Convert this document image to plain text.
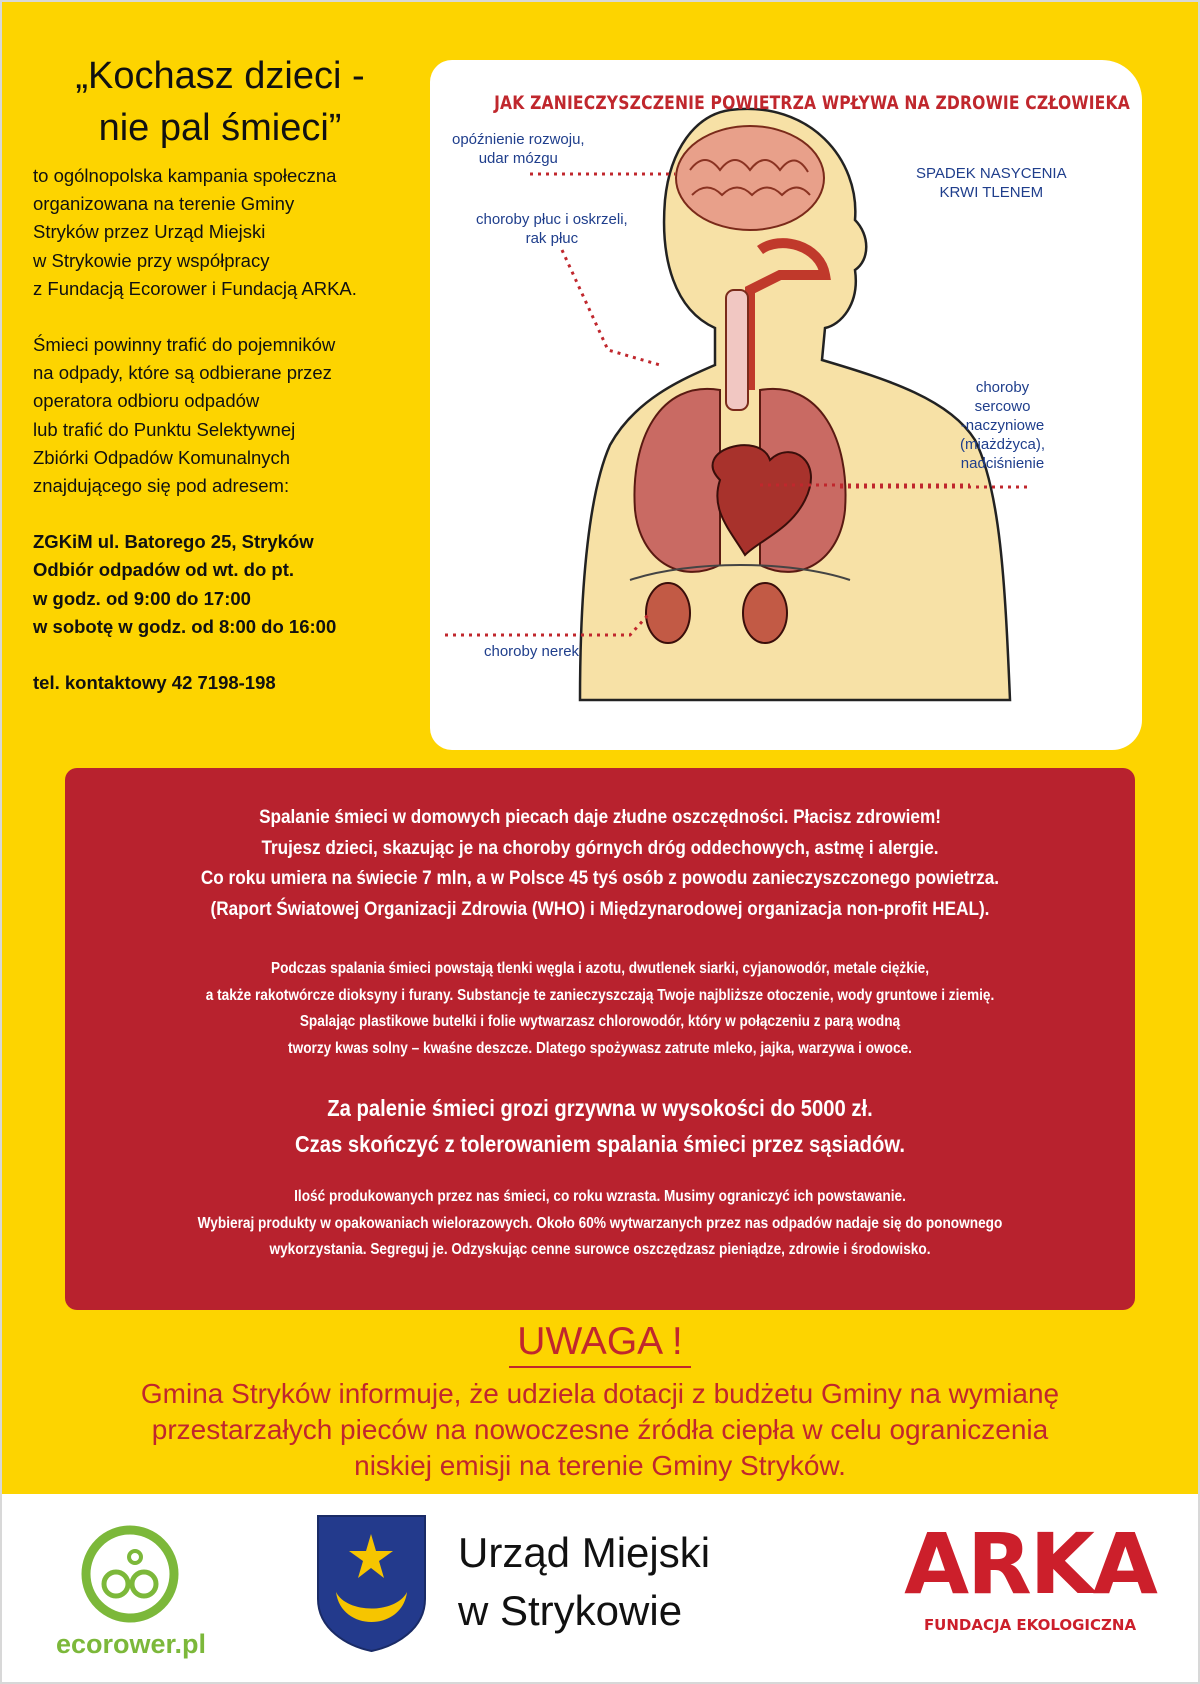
„Kochasz dzieci -
nie pal śmieci”

to ogólnopolska kampania społeczna
organizowana na terenie Gminy
Stryków przez Urząd Miejski
w Strykowie przy współpracy
z Fundacją Ecorower i Fundacją ARKA.

Śmieci powinny trafić do pojemników
na odpady, które są odbierane przez
operatora odbioru odpadów
lub trafić do Punktu Selektywnej
Zbiórki Odpadów Komunalnych
znajdującego się pod adresem:

ZGKiM ul. Batorego 25, Stryków
Odbiór odpadów od wt. do pt.
w godz. od 9:00 do 17:00
w sobotę w godz. od 8:00 do 16:00

tel. kontaktowy 42 7198-198
JAK ZANIECZYSZCZENIE POWIETRZA WPŁYWA NA ZDROWIE CZŁOWIEKA
opóźnienie rozwoju,
udar mózgu
SPADEK NASYCENIA
KRWI TLENEM
choroby płuc i oskrzeli,
rak płuc
choroby
sercowo
-naczyniowe
(miażdżyca),
nadciśnienie
choroby nerek
Spalanie śmieci w domowych piecach daje złudne oszczędności. Płacisz zdrowiem!
Trujesz dzieci, skazując je na choroby górnych dróg oddechowych, astmę i alergie.
Co roku umiera na świecie 7 mln, a w Polsce 45 tyś osób z powodu zanieczyszczonego powietrza.
(Raport Światowej Organizacji Zdrowia (WHO) i Międzynarodowej organizacja non-profit HEAL).
Podczas spalania śmieci powstają tlenki węgla i azotu, dwutlenek siarki, cyjanowodór, metale ciężkie,
a także rakotwórcze dioksyny i furany. Substancje te zanieczyszczają Twoje najbliższe otoczenie, wody gruntowe i ziemię.
Spalając plastikowe butelki i folie wytwarzasz chlorowodór, który w połączeniu z parą wodną
tworzy kwas solny – kwaśne deszcze. Dlatego spożywasz zatrute mleko, jajka, warzywa i owoce.
Za palenie śmieci grozi grzywna w wysokości do 5000 zł.
Czas skończyć z tolerowaniem spalania śmieci przez sąsiadów.
Ilość produkowanych przez nas śmieci, co roku wzrasta. Musimy ograniczyć ich powstawanie.
Wybieraj produkty w opakowaniach wielorazowych. Około 60% wytwarzanych przez nas odpadów nadaje się do ponownego
wykorzystania. Segreguj je. Odzyskując cenne surowce oszczędzasz pieniądze, zdrowie i środowisko.
UWAGA !
Gmina Stryków informuje, że udziela dotacji z budżetu Gminy na wymianę
przestarzałych pieców na nowoczesne źródła ciepła w celu ograniczenia
niskiej emisji na terenie Gminy Stryków.
ecorower.pl
Urząd Miejski
w Strykowie	ARKA
FUNDACJA EKOLOGICZNA
